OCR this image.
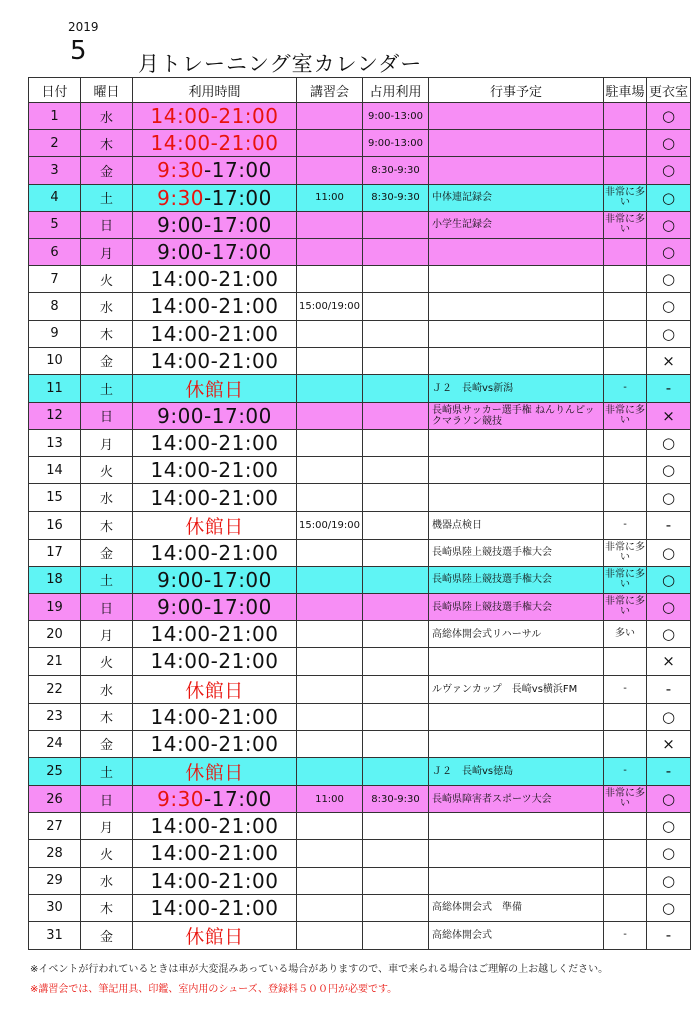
2019
5 月トレーニング室カレンダー
日付	曜日	利用時間	講習会	占用利用	行事予定	駐車場	更衣室
1	水	14:00-21:00		9:00-13:00			○
2	木	14:00-21:00		9:00-13:00			○
3	金	9:30-17:00		8:30-9:30			○
4	土	9:30-17:00	11:00	8:30-9:30	中体連記録会	非常に多い	○
5	日	9:00-17:00			小学生記録会	非常に多い	○
6	月	9:00-17:00					○
7	火	14:00-21:00					○
8	水	14:00-21:00	15:00/19:00				○
9	木	14:00-21:00					○
10	金	14:00-21:00					×
11	土	休館日			Ｊ２　長崎vs新潟	-	-
12	日	9:00-17:00			長崎県サッカー選手権 ねんりんピックマラソン競技	非常に多い	×
13	月	14:00-21:00					○
14	火	14:00-21:00					○
15	水	14:00-21:00					○
16	木	休館日	15:00/19:00		機器点検日	-	-
17	金	14:00-21:00			長崎県陸上競技選手権大会	非常に多い	○
18	土	9:00-17:00			長崎県陸上競技選手権大会	非常に多い	○
19	日	9:00-17:00			長崎県陸上競技選手権大会	非常に多い	○
20	月	14:00-21:00			高総体開会式リハーサル	多い	○
21	火	14:00-21:00					×
22	水	休館日			ルヴァンカップ　長崎vs横浜FM	-	-
23	木	14:00-21:00					○
24	金	14:00-21:00					×
25	土	休館日			Ｊ２　長崎vs徳島	-	-
26	日	9:30-17:00	11:00	8:30-9:30	長崎県障害者スポーツ大会	非常に多い	○
27	月	14:00-21:00					○
28	火	14:00-21:00					○
29	水	14:00-21:00					○
30	木	14:00-21:00			高総体開会式　準備		○
31	金	休館日			高総体開会式	-	-
※イベントが行われているときは車が大変混みあっている場合がありますので、車で来られる場合はご理解の上お越しください。
※講習会では、筆記用具、印鑑、室内用のシューズ、登録料５００円が必要です。
